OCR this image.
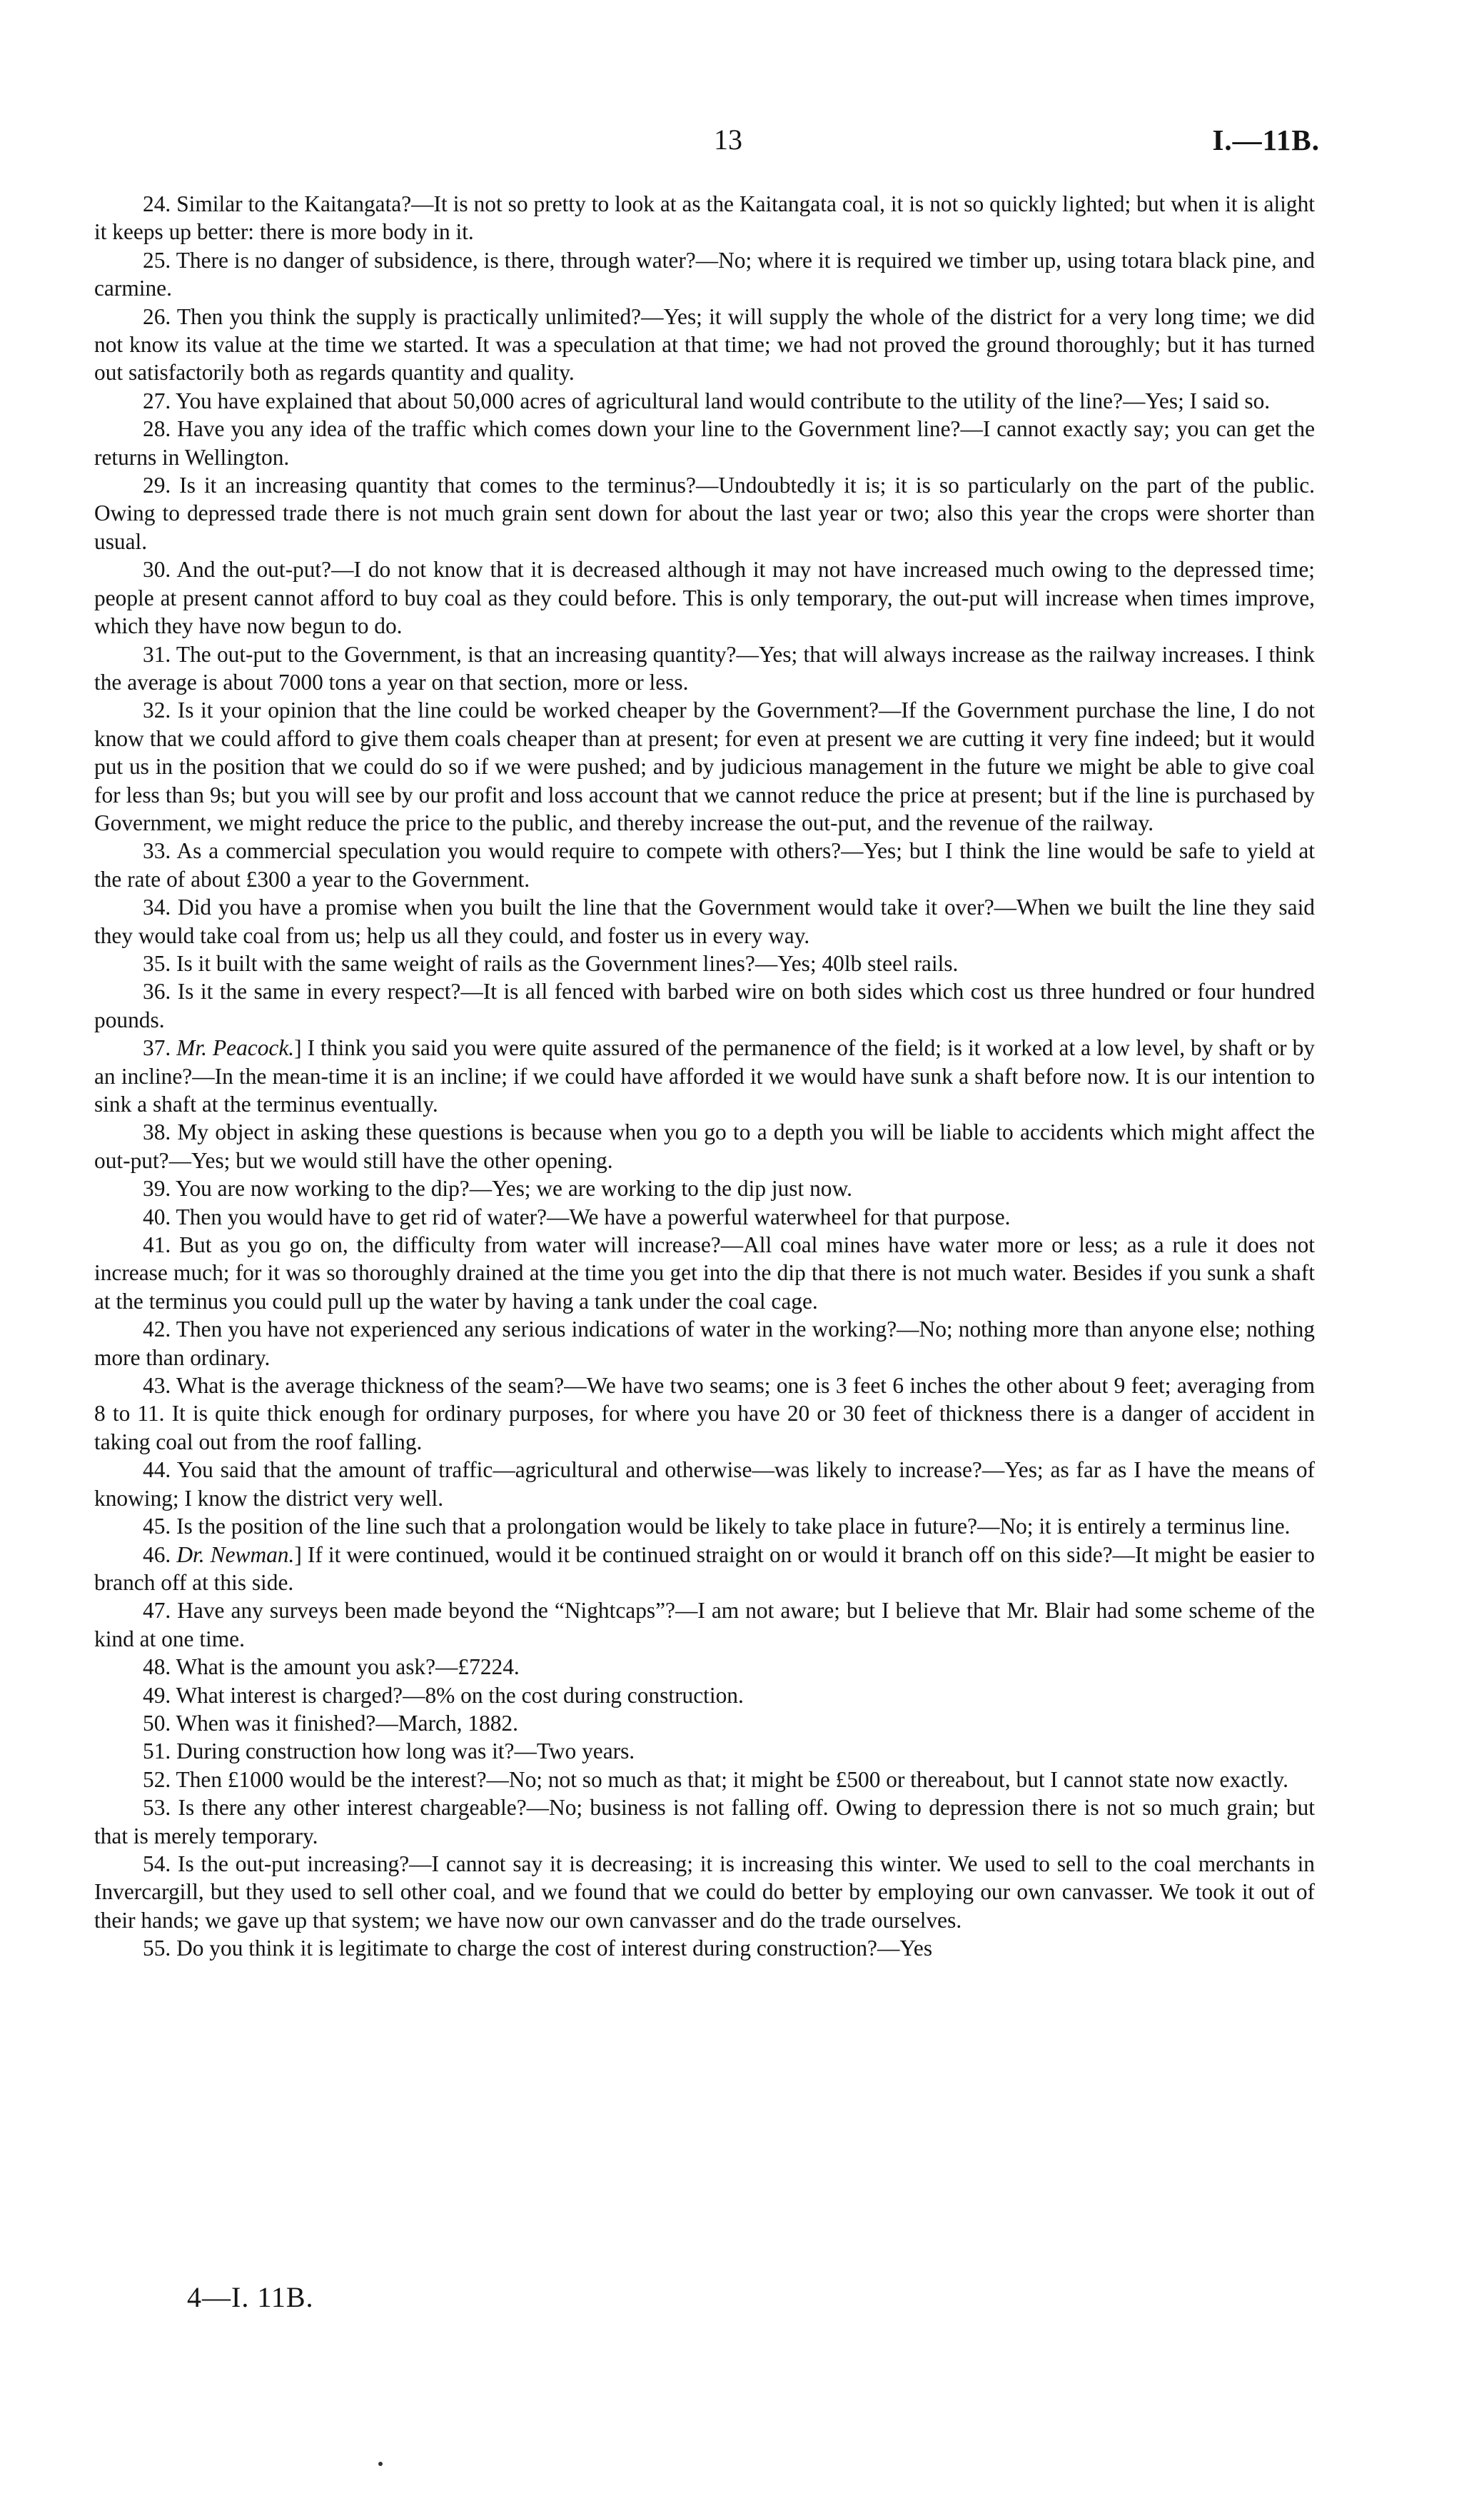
13	I.—11B.

24. Similar to the Kaitangata?—It is not so pretty to look at as the Kaitangata coal, it is not so quickly lighted; but when it is alight it keeps up better: there is more body in it.

25. There is no danger of subsidence, is there, through water?—No; where it is required we timber up, using totara black pine, and carmine.

26. Then you think the supply is practically unlimited?—Yes; it will supply the whole of the district for a very long time; we did not know its value at the time we started. It was a speculation at that time; we had not proved the ground thoroughly; but it has turned out satisfactorily both as regards quantity and quality.

27. You have explained that about 50,000 acres of agricultural land would contribute to the utility of the line?—Yes; I said so.

28. Have you any idea of the traffic which comes down your line to the Government line?—I cannot exactly say; you can get the returns in Wellington.

29. Is it an increasing quantity that comes to the terminus?—Undoubtedly it is; it is so particularly on the part of the public. Owing to depressed trade there is not much grain sent down for about the last year or two; also this year the crops were shorter than usual.

30. And the out-put?—I do not know that it is decreased although it may not have increased much owing to the depressed time; people at present cannot afford to buy coal as they could before. This is only temporary, the out-put will increase when times improve, which they have now begun to do.

31. The out-put to the Government, is that an increasing quantity?—Yes; that will always increase as the railway increases. I think the average is about 7000 tons a year on that section, more or less.

32. Is it your opinion that the line could be worked cheaper by the Government?—If the Government purchase the line, I do not know that we could afford to give them coals cheaper than at present; for even at present we are cutting it very fine indeed; but it would put us in the position that we could do so if we were pushed; and by judicious management in the future we might be able to give coal for less than 9s; but you will see by our profit and loss account that we cannot reduce the price at present; but if the line is purchased by Government, we might reduce the price to the public, and thereby increase the out-put, and the revenue of the railway.

33. As a commercial speculation you would require to compete with others?—Yes; but I think the line would be safe to yield at the rate of about £300 a year to the Government.

34. Did you have a promise when you built the line that the Government would take it over?—When we built the line they said they would take coal from us; help us all they could, and foster us in every way.

35. Is it built with the same weight of rails as the Government lines?—Yes; 40lb steel rails.

36. Is it the same in every respect?—It is all fenced with barbed wire on both sides which cost us three hundred or four hundred pounds.

37. Mr. Peacock.] I think you said you were quite assured of the permanence of the field; is it worked at a low level, by shaft or by an incline?—In the mean-time it is an incline; if we could have afforded it we would have sunk a shaft before now. It is our intention to sink a shaft at the terminus eventually.

38. My object in asking these questions is because when you go to a depth you will be liable to accidents which might affect the out-put?—Yes; but we would still have the other opening.

39. You are now working to the dip?—Yes; we are working to the dip just now.

40. Then you would have to get rid of water?—We have a powerful waterwheel for that purpose.

41. But as you go on, the difficulty from water will increase?—All coal mines have water more or less; as a rule it does not increase much; for it was so thoroughly drained at the time you get into the dip that there is not much water. Besides if you sunk a shaft at the terminus you could pull up the water by having a tank under the coal cage.

42. Then you have not experienced any serious indications of water in the working?—No; nothing more than anyone else; nothing more than ordinary.

43. What is the average thickness of the seam?—We have two seams; one is 3 feet 6 inches the other about 9 feet; averaging from 8 to 11. It is quite thick enough for ordinary purposes, for where you have 20 or 30 feet of thickness there is a danger of accident in taking coal out from the roof falling.

44. You said that the amount of traffic—agricultural and otherwise—was likely to increase?—Yes; as far as I have the means of knowing; I know the district very well.

45. Is the position of the line such that a prolongation would be likely to take place in future?—No; it is entirely a terminus line.

46. Dr. Newman.] If it were continued, would it be continued straight on or would it branch off on this side?—It might be easier to branch off at this side.

47. Have any surveys been made beyond the “Nightcaps”?—I am not aware; but I believe that Mr. Blair had some scheme of the kind at one time.

48. What is the amount you ask?—£7224.

49. What interest is charged?—8% on the cost during construction.

50. When was it finished?—March, 1882.

51. During construction how long was it?—Two years.

52. Then £1000 would be the interest?—No; not so much as that; it might be £500 or thereabout, but I cannot state now exactly.

53. Is there any other interest chargeable?—No; business is not falling off. Owing to depression there is not so much grain; but that is merely temporary.

54. Is the out-put increasing?—I cannot say it is decreasing; it is increasing this winter. We used to sell to the coal merchants in Invercargill, but they used to sell other coal, and we found that we could do better by employing our own canvasser. We took it out of their hands; we gave up that system; we have now our own canvasser and do the trade ourselves.

55. Do you think it is legitimate to charge the cost of interest during construction?—Yes

4—I. 11B.
